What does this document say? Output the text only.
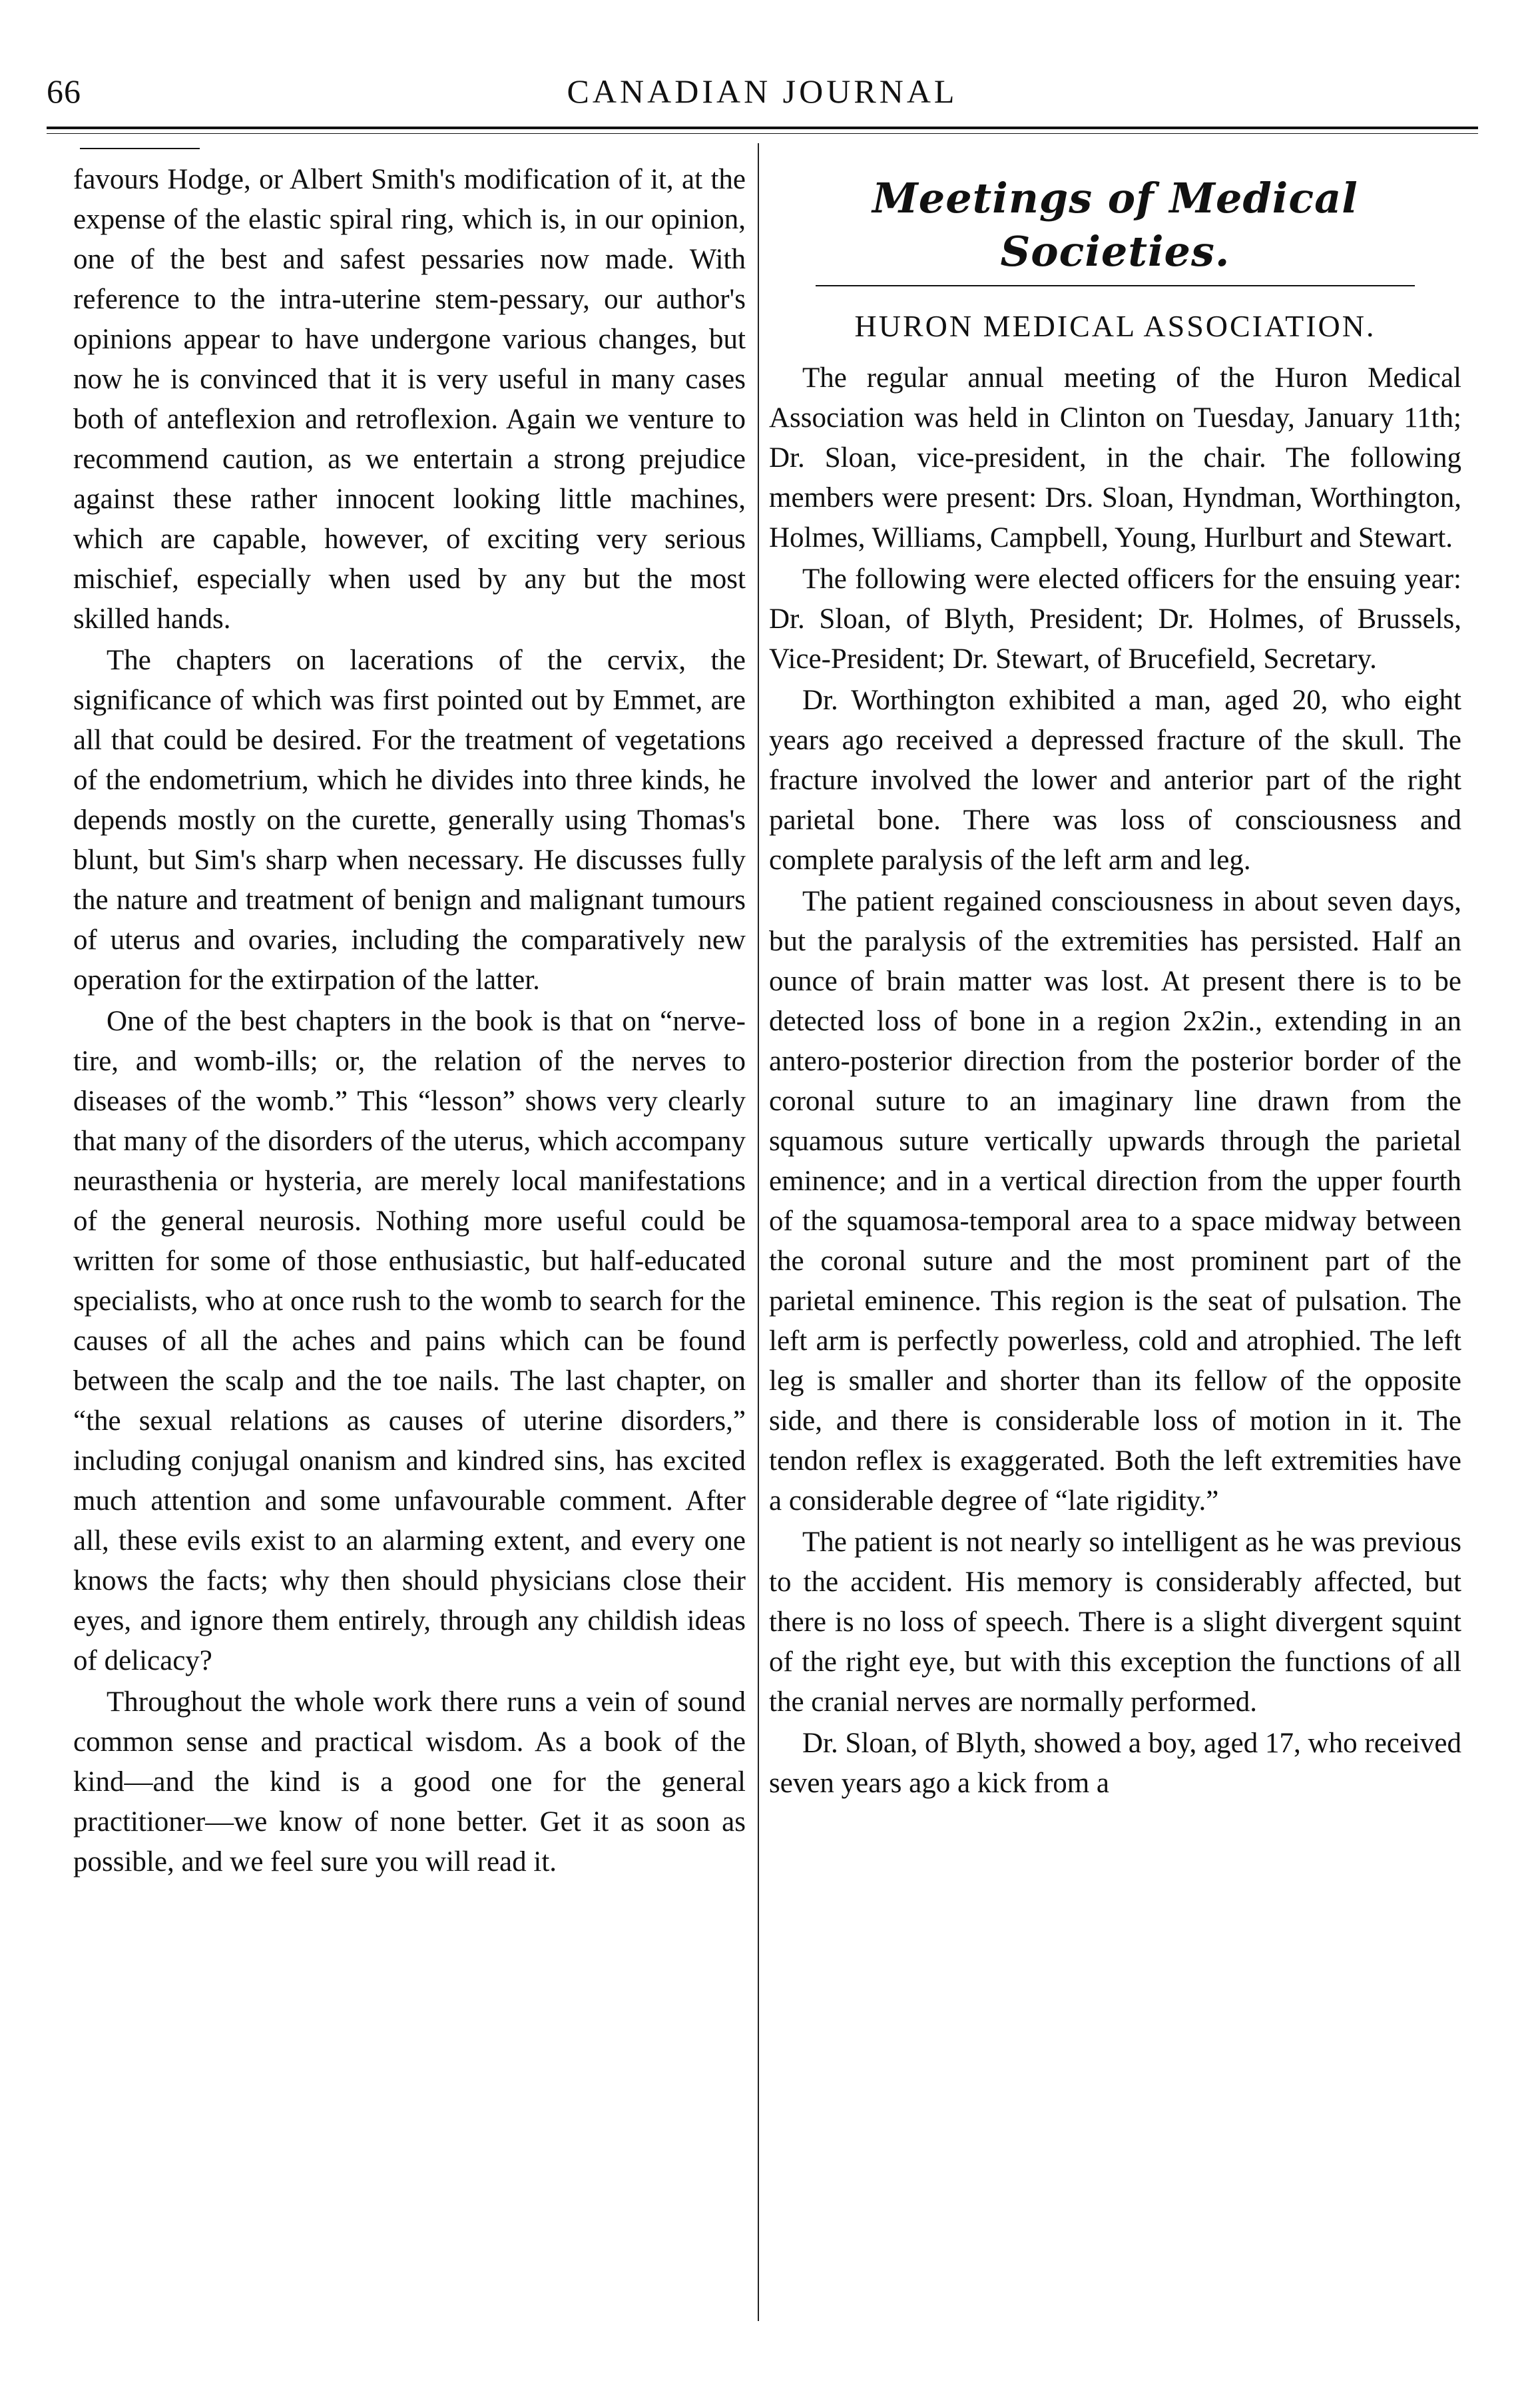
66	CANADIAN JOURNAL

favours Hodge, or Albert Smith's modification of it, at the expense of the elastic spiral ring, which is, in our opinion, one of the best and safest pessaries now made. With reference to the intra-uterine stem-pessary, our author's opinions appear to have undergone various changes, but now he is convinced that it is very useful in many cases both of anteflexion and retroflexion. Again we venture to recommend caution, as we entertain a strong prejudice against these rather innocent looking little machines, which are capable, however, of exciting very serious mischief, especially when used by any but the most skilled hands.

The chapters on lacerations of the cervix, the significance of which was first pointed out by Emmet, are all that could be desired. For the treatment of vegetations of the endometrium, which he divides into three kinds, he depends mostly on the curette, generally using Thomas's blunt, but Sim's sharp when necessary. He discusses fully the nature and treatment of benign and malignant tumours of uterus and ovaries, including the comparatively new operation for the extirpation of the latter.

One of the best chapters in the book is that on “nerve-tire, and womb-ills; or, the relation of the nerves to diseases of the womb.” This “lesson” shows very clearly that many of the disorders of the uterus, which accompany neurasthenia or hysteria, are merely local manifestations of the general neurosis. Nothing more useful could be written for some of those enthusiastic, but half-educated specialists, who at once rush to the womb to search for the causes of all the aches and pains which can be found between the scalp and the toe nails. The last chapter, on “the sexual relations as causes of uterine disorders,” including conjugal onanism and kindred sins, has excited much attention and some unfavourable comment. After all, these evils exist to an alarming extent, and every one knows the facts; why then should physicians close their eyes, and ignore them entirely, through any childish ideas of delicacy?

Throughout the whole work there runs a vein of sound common sense and practical wisdom. As a book of the kind—and the kind is a good one for the general practitioner—we know of none better. Get it as soon as possible, and we feel sure you will read it.

Meetings of Medical Societies.
HURON MEDICAL ASSOCIATION.

The regular annual meeting of the Huron Medical Association was held in Clinton on Tuesday, January 11th; Dr. Sloan, vice-president, in the chair. The following members were present: Drs. Sloan, Hyndman, Worthington, Holmes, Williams, Campbell, Young, Hurlburt and Stewart.

The following were elected officers for the ensuing year: Dr. Sloan, of Blyth, President; Dr. Holmes, of Brussels, Vice-President; Dr. Stewart, of Brucefield, Secretary.

Dr. Worthington exhibited a man, aged 20, who eight years ago received a depressed fracture of the skull. The fracture involved the lower and anterior part of the right parietal bone. There was loss of consciousness and complete paralysis of the left arm and leg.

The patient regained consciousness in about seven days, but the paralysis of the extremities has persisted. Half an ounce of brain matter was lost. At present there is to be detected loss of bone in a region 2x2in., extending in an antero-posterior direction from the posterior border of the coronal suture to an imaginary line drawn from the squamous suture vertically upwards through the parietal eminence; and in a vertical direction from the upper fourth of the squamosa-temporal area to a space midway between the coronal suture and the most prominent part of the parietal eminence. This region is the seat of pulsation. The left arm is perfectly powerless, cold and atrophied. The left leg is smaller and shorter than its fellow of the opposite side, and there is considerable loss of motion in it. The tendon reflex is exaggerated. Both the left extremities have a considerable degree of “late rigidity.”

The patient is not nearly so intelligent as he was previous to the accident. His memory is considerably affected, but there is no loss of speech. There is a slight divergent squint of the right eye, but with this exception the functions of all the cranial nerves are normally performed.

Dr. Sloan, of Blyth, showed a boy, aged 17, who received seven years ago a kick from a
